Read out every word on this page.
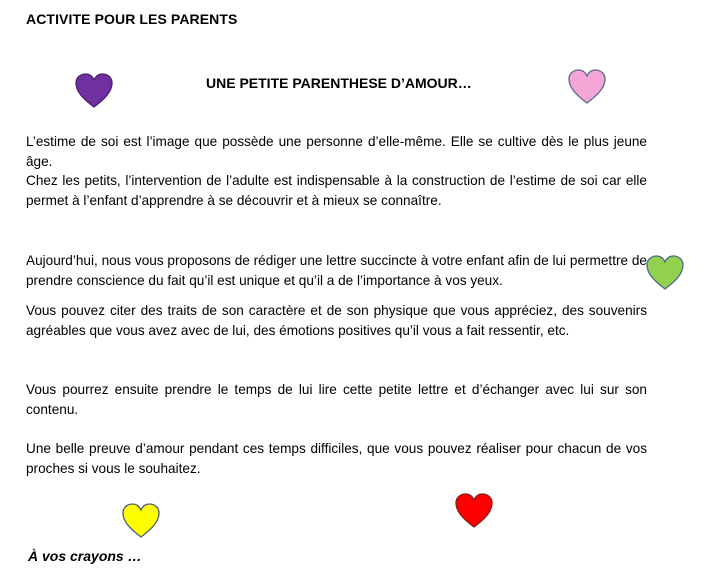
ACTIVITE POUR LES PARENTS
UNE PETITE PARENTHESE D’AMOUR…

L’estime de soi est l’image que possède une personne d’elle-même. Elle se cultive dès le plus jeune âge.

Chez les petits, l’intervention de l’adulte est indispensable à la construction de l’estime de soi car elle permet à l’enfant d’apprendre à se découvrir et à mieux se connaître.

Aujourd’hui, nous vous proposons de rédiger une lettre succincte à votre enfant afin de lui permettre de prendre conscience du fait qu’il est unique et qu’il a de l’importance à vos yeux.

Vous pouvez citer des traits de son caractère et de son physique que vous appréciez, des souvenirs agréables que vous avez avec de lui, des émotions positives qu’il vous a fait ressentir, etc.

Vous pourrez ensuite prendre le temps de lui lire cette petite lettre et d’échanger avec lui sur son contenu.

Une belle preuve d’amour pendant ces temps difficiles, que vous pouvez réaliser pour chacun de vos proches si vous le souhaitez.

À vos crayons …
